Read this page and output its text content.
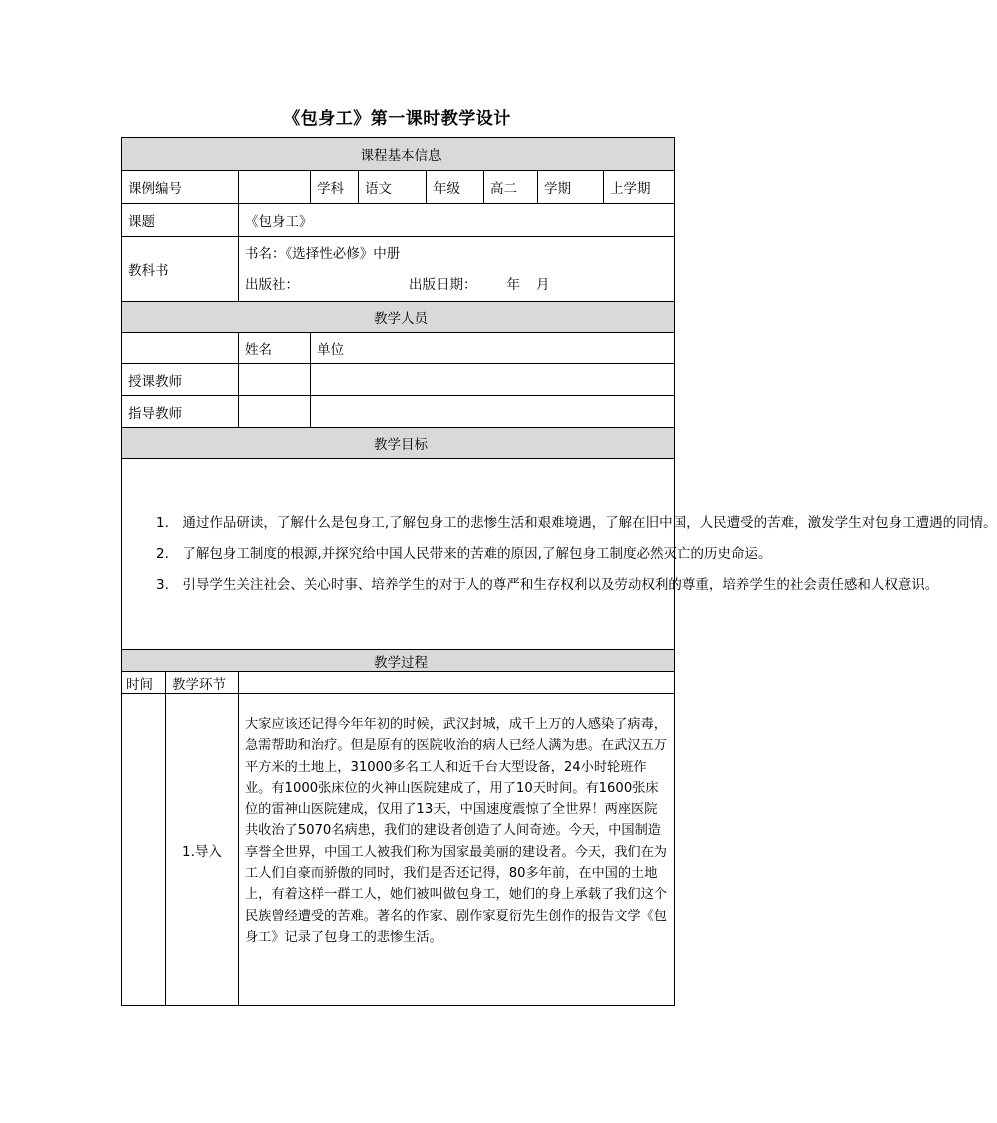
《包身工》第一课时教学设计
课程基本信息								
课例编号			学科	语文	年级	高二	学期	上学期
课题		《包身工》						
教科书		书名：《选择性必修》中册
出版社： 出版日期： 年 月						

教学人员								
		姓名	单位					
授课教师								
指导教师								
教学目标								

1.　通过作品研读，了解什么是包身工,了解包身工的悲惨生活和艰难境遇，了解在旧中国，人民遭受的苦难，激发学生对包身工遭遇的同情。

2.　了解包身工制度的根源,并探究给中国人民带来的苦难的原因,了解包身工制度必然灭亡的历史命运。

3.　引导学生关注社会、关心时事、培养学生的对于人的尊严和生存权利以及劳动权利的尊重，培养学生的社会责任感和人权意识。								

教学过程								
时间	教学环节							
	1.导入	大家应该还记得今年年初的时候，武汉封城，成千上万的人感染了病毒，急需帮助和治疗。但是原有的医院收治的病人已经人满为患。在武汉五万平方米的土地上，31000多名工人和近千台大型设备，24小时轮班作业。有1000张床位的火神山医院建成了，用了10天时间。有1600张床位的雷神山医院建成，仅用了13天，中国速度震惊了全世界！两座医院共收治了5070名病患，我们的建设者创造了人间奇迹。今天，中国制造享誉全世界，中国工人被我们称为国家最美丽的建设者。今天，我们在为工人们自豪而骄傲的同时，我们是否还记得，80多年前，在中国的土地上，有着这样一群工人，她们被叫做包身工，她们的身上承载了我们这个民族曾经遭受的苦难。著名的作家、剧作家夏衍先生创作的报告文学《包身工》记录了包身工的悲惨生活。						
